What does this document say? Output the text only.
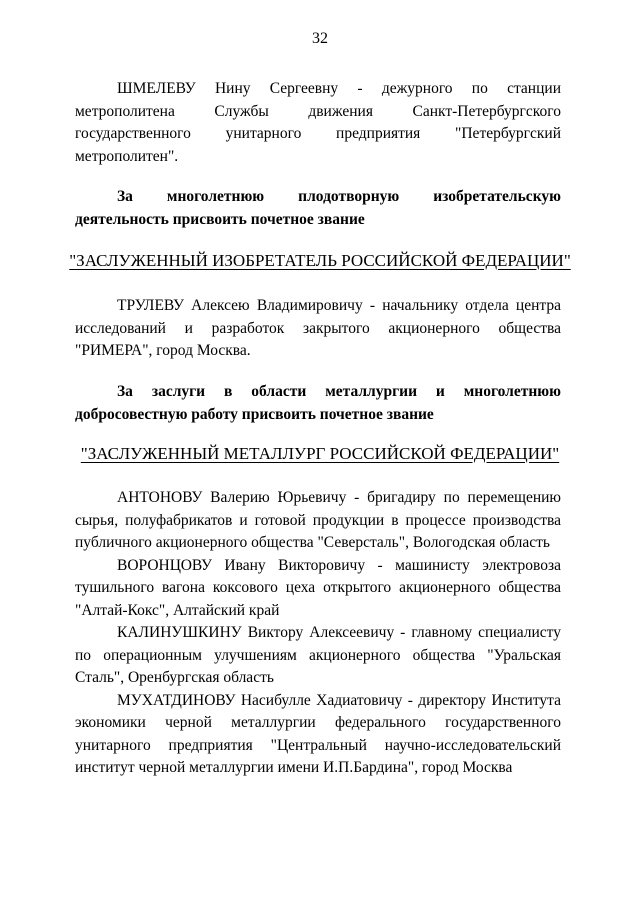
32
ШМЕЛЕВУ Нину Сергеевну - дежурного по станции метрополитена Службы движения Санкт-Петербургского государственного унитарного предприятия "Петербургский метрополитен".
За многолетнюю плодотворную изобретательскую деятельность присвоить почетное звание
"ЗАСЛУЖЕННЫЙ ИЗОБРЕТАТЕЛЬ РОССИЙСКОЙ ФЕДЕРАЦИИ"
ТРУЛЕВУ Алексею Владимировичу - начальнику отдела центра исследований и разработок закрытого акционерного общества "РИМЕРА", город Москва.
За заслуги в области металлургии и многолетнюю добросовестную работу присвоить почетное звание
"ЗАСЛУЖЕННЫЙ МЕТАЛЛУРГ РОССИЙСКОЙ ФЕДЕРАЦИИ"

АНТОНОВУ Валерию Юрьевичу - бригадиру по перемещению сырья, полуфабрикатов и готовой продукции в процессе производства публичного акционерного общества "Северсталь", Вологодская область

ВОРОНЦОВУ Ивану Викторовичу - машинисту электровоза тушильного вагона коксового цеха открытого акционерного общества "Алтай-Кокс", Алтайский край

КАЛИНУШКИНУ Виктору Алексеевичу - главному специалисту по операционным улучшениям акционерного общества "Уральская Сталь", Оренбургская область

МУХАТДИНОВУ Насибулле Хадиатовичу - директору Института экономики черной металлургии федерального государственного унитарного предприятия "Центральный научно-исследовательский институт черной металлургии имени И.П.Бардина", город Москва
